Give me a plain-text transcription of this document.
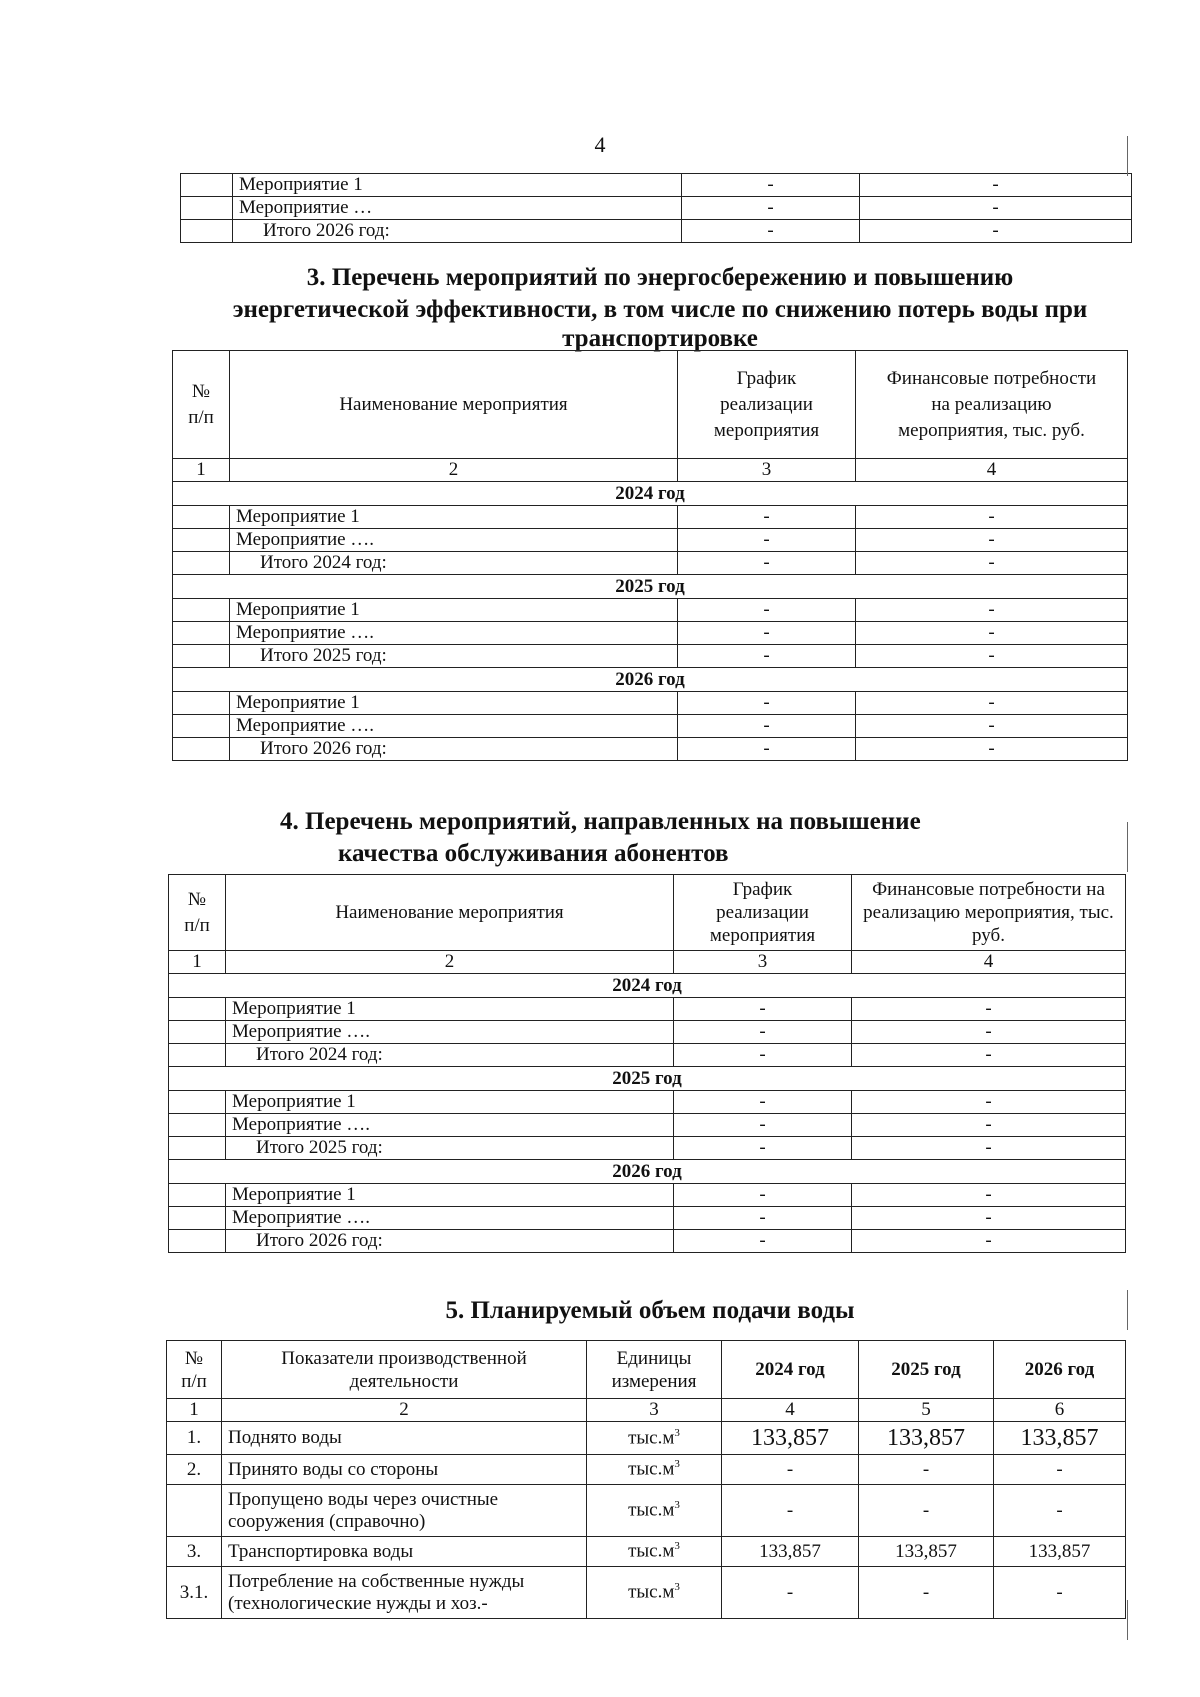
4
	Мероприятие 1	-	-
	Мероприятие …	-	-
	Итого 2026 год:	-	-
3. Перечень мероприятий по энергосбережению и повышению
энергетической эффективности, в том числе по снижению потерь воды при
транспортировке
№ п/п	Наименование мероприятия	График реализации мероприятия	Финансовые потребности на реализацию мероприятия, тыс. руб.
1	2	3	4
2024 год			
	Мероприятие 1	-	-
	Мероприятие ….	-	-
	Итого 2024 год:	-	-
2025 год			
	Мероприятие 1	-	-
	Мероприятие ….	-	-
	Итого 2025 год:	-	-
2026 год			
	Мероприятие 1	-	-
	Мероприятие ….	-	-
	Итого 2026 год:	-	-
4. Перечень мероприятий, направленных на повышение
качества обслуживания абонентов
№ п/п	Наименование мероприятия	График реализации мероприятия	Финансовые потребности на реализацию мероприятия, тыс. руб.
1	2	3	4
2024 год			
	Мероприятие 1	-	-
	Мероприятие ….	-	-
	Итого 2024 год:	-	-
2025 год			
	Мероприятие 1	-	-
	Мероприятие ….	-	-
	Итого 2025 год:	-	-
2026 год			
	Мероприятие 1	-	-
	Мероприятие ….	-	-
	Итого 2026 год:	-	-
5. Планируемый объем подачи воды
№ п/п	Показатели производственной деятельности	Единицы измерения	2024 год	2025 год	2026 год
1	2	3	4	5	6
1.	Поднято воды	$тыс.м^3$	133,857	133,857	133,857
2.	Принято воды со стороны	$тыс.м^3$	-	-	-
	Пропущено воды через очистные сооружения (справочно)	$тыс.м^3$	-	-	-
3.	Транспортировка воды	$тыс.м^3$	133,857	133,857	133,857
3.1.	Потребление на собственные нужды (технологические нужды и хоз.-	$тыс.м^3$	-	-	-
